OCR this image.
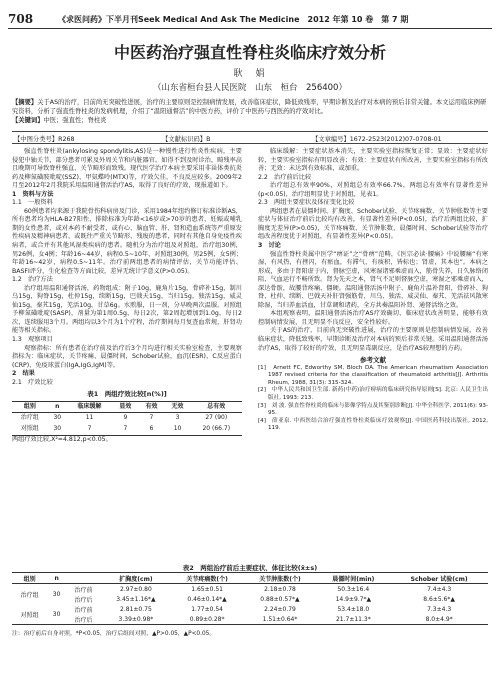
708	《求医问药》下半月刊Seek Medical And Ask The Medicine　2012 年第 10 卷　第 7 期
中医药治疗强直性脊柱炎临床疗效分析
耿　娟
（山东省桓台县人民医院　山东　桓台　256400）
【摘要】关于AS的治疗，目前尚无突破性进展，治疗的主要原则是控制病情发展，改善临床症状，降低致残率，早期诊断及治疗对本病的预后非常关键。本文运用临床例研究资料，分析了强直性脊柱炎的发病机理，介绍了“温阳通督活”的中医方药，评价了中医药与西医药的疗效对比。
【关键词】中医；强直性；脊柱炎
【中图分类号】R268	【文献标识码】B	【文章编号】1672-2523(2012)07-0708-01

强直性脊柱炎(ankylosing spondylitis,AS)是一种慢性进行性炎性疾病，主要侵犯中轴关节，部分患者可累及外周关节和内脏器官。如得不到及时诊治，畸残率高且晚期可导致脊柱强直、关节畸形而致残。现代医学治疗本病主要采用非甾体类抗炎药及柳氮磺胺吡啶(SSZ)、甲氨蝶呤(MTX)等，疗效欠佳，不良反应较多。2009年2月至2012年2月我院采用温阳通督活治疗AS，取得了良好的疗效，现报道如下。

1　资料与方法

1.1　一般资料

60例患者均来源于我院骨伤科病房及门诊，采用1984年纽约修订标准诊断AS，所有患者均为HLA-B27阳性，排除标准为年龄<16岁或>70岁的患者，妊娠或哺乳期的女性患者，或对本药不耐受者，或有心、脑血管、肝、肾和造血系统等严重原发性疾病及精神病患者，或既往严重关节畸形、残废的患者，同时有其他自身免疫性疾病者，或合并有其他风湿类疾病的患者。随机分为治疗组及对照组，治疗组30例，男26例，女4例；年龄16~44岁，病程0.5~10年，对照组30例，男25例，女5例；年龄16~42岁，病程0.5~11年。治疗前两组患者的病情评估，关节功能评估、BASFI评分，生化检查等方面比较，差异无统计学意义(P>0.05)。

1.2　治疗方法

治疗组用温阳通督活汤，药物组成：附子10g，鹿角片15g，骨碎补15g，制川乌15g，狗脊15g，杜仲15g，续断15g，巴戟天15g，当归15g，独活15g，威灵仙15g，秦艽15g，羌活10g，甘草6g。水煎服，日一剂，分早晚两次温服。对照组予柳氮磺吡啶(SASP)，剂量为第1周0.5g，每日2次，第2周起增加到1.0g，每日2次，连续服用3个月。两组均以3个月为1个疗程，治疗期间每月复查血常规，肝肾功能等相关指标。

1.3　观察项目

观察指标：所有患者在治疗前及治疗后3个月均进行相关实验室检查，主要观察指标为：临床症状，关节疼痛、晨僵时间，Schober试验，血沉(ESR)，C反应蛋白(CRP)，免疫球蛋白(IgA,IgG,IgM)等。

2　结果

2.1　疗效比较

表1　两组疗效比较[n(%)]
组别	n	临床缓解	显效	有效	无效	总有效
治疗组	30	11	9	7	3	27 (90)
对照组	30	7	7	6	10	20 (66.7)

两组疗效比较,X²=4.812,p<0.05。

临床缓解：主要症状基本消失，主要实验室指标恢复正常；显效：主要症状好转，主要实验室指标有明显改善；有效：主要症状有所改善，主要实验室指标有所改善；无效：未达到有效标准，或加重。

2.2　治疗前后比较

治疗组总有效率90%，对照组总有效率66.7%，两组总有效率有显著性差异(p<0.05)，治疗组明显优于对照组，见表1。

2.3　两组主要症状及体征变化比较

两组患者在晨僵时间、扩胸度、Schober试验、关节疼痛数、关节肿胀数等主要症状与体征治疗前后比较均有改善，有显著性差异(P<0.05)，治疗后两组比较，扩胸度无差异(P>0.05)，关节疼痛数、关节肿胀数、晨僵时间、Schober试验等治疗组改善程度优于对照组，有显著性差异(P<0.05)。

3　讨论

强直性脊柱炎属中医学“痹证”之“骨痹”范畴，《医宗必读·腰痛》中说腰痛“有寒湿，有风热，有挫闪，有瘀血，有滞气，有痰积，皆标也；肾虚，其本也”。本病之形成，多由于肾阳虚于内，督脉空虚，风寒湿诸邪乘虚而入，筋骨失养，日久脉络闭阻、气血运行不畅所致。肾为先天之本，肾气不足则督脉空虚，寒湿之邪乘虚而入，深达骨骱，故腰背疼痛、僵硬。温阳通督活汤中附子、鹿角片温补肾阳，骨碎补、狗脊、杜仲、续断、巴戟天补肝肾强筋骨，川乌、独活、威灵仙、秦艽、羌活祛风散寒除湿，当归养血活血，甘草调和诸药，全方共奏温阳补肾、通督活络之效。

本组观察表明，温阳通督活汤治疗AS疗效确切，临床症状改善明显，能够有效控制病情发展，且无明显不良反应，安全性较好。

关于AS的治疗，目前尚无突破性进展，治疗的主要原则是控制病情发展，改善临床症状，降低致残率，早期诊断及治疗对本病的预后非常关键。采用温阳通督活汤治疗AS，取得了较好的疗效，且无明显毒副反应，是治疗AS较理想的方药。

参考文献
[1]　Arnett FC, Edworthy SM, Bloch DA. The American rheumatism Association 1987 revised criteria for the classification of rheumatoid arthritis[J]. Arthritis Rheum, 1988, 31(3): 315-324.
[2]　中华人民共和国卫生部. 新药(中药)治疗痹病的临床研究指导原则[S]. 北京: 人民卫生出版社, 1993: 213.
[3]　刘 波. 强直性脊柱炎的临床与影像学特点及其鉴别诊断[J]. 中华全科医学, 2011(6): 93-95.
[4]　薛亚泉. 中西医结合治疗强直性脊柱炎临床疗效观察[J]. 中国医药科技出版社, 2012, 119.
表2　两组治疗前后主要症状、体征比较(x̄±s)
组别	n		扩胸度(cm)	关节疼痛数(个)	关节肿胀数(个)	晨僵时间(min)	Schober 试验(cm)
治疗组	30	治疗前	2.97±0.80	1.65±0.51	2.18±0.78	50.3±16.4	7.4±4.3
		治疗后	3.45±1.16*▲	0.46±0.14*▲	0.88±0.57*▲	14.9±9.7*▲	8.6±5.6*▲
对照组	30	治疗前	2.81±0.75	1.77±0.54	2.24±0.79	53.4±18.0	7.3±4.3
		治疗后	3.39±0.98*	0.89±0.28*	1.51±0.64*	21.7±11.3*	8.0±4.9*
注：治疗前后自身对照，*P<0.05，治疗后组间对照，▲P>0.05，▲P<0.05。
